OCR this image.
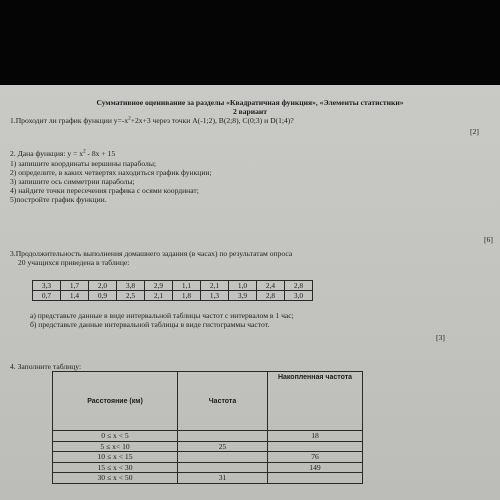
Суммативное оценивание за разделы «Квадратичная функция», «Элементы статистики»
2 вариант
1.Проходит ли график функции $y=-x^2+2x+3$ через точки A(-1;2), B(2;8), C(0;3) и D(1;4)?
[2]
2. Дана функция: $y = x^2 - 8x + 15$
1) запишите координаты вершины параболы;
2) определите, в каких четвертях находиться график функции;
3) запишите ось симметрии параболы;
4) найдите точки пересечения графика с осями координат;
5)постройте график функции.
[6]
3.Продолжительность выполнения домашнего задания (в часах) по результатам опроса
20 учащихся приведена в таблице:
3,3	1,7	2,0	3,8	2,9	1,1	2,1	1,0	2,4	2,8
0,7	1,4	0,9	2,5	2,1	1,8	1,3	3,9	2,8	3,0
а) представьте данные в виде интервальной таблицы частот с интервалом в 1 час;
б) представьте данные интервальной таблицы в виде гистограммы частот.
[3]
4. Заполните таблицу:
Расстояние (км)	Частота	Накопленная частота
0 ≤ x < 5		18
5 ≤ x< 10	25	
10 ≤ x < 15		76
15 ≤ x < 30		149
30 ≤ x < 50	31	
